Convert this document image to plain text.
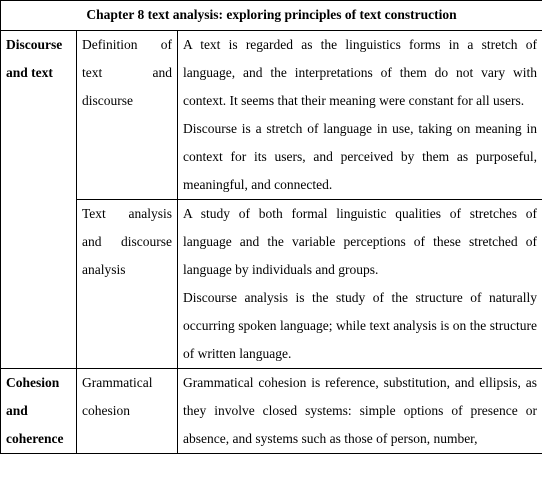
Chapter 8 text analysis: exploring principles of text construction		
Discourse and text	Definition of text and discourse	A text is regarded as the linguistics forms in a stretch of language, and the interpretations of them do not vary with context. It seems that their meaning were constant for all users.

Discourse is a stretch of language in use, taking on meaning in context for its users, and perceived by them as purposeful, meaningful, and connected.

	Text analysis and discourse analysis	A study of both formal linguistic qualities of stretches of language and the variable perceptions of these stretched of language by individuals and groups.

Discourse analysis is the study of the structure of naturally occurring spoken language; while text analysis is on the structure of written language.

Cohesion and coherence	Grammatical cohesion	Grammatical cohesion is reference, substitution, and ellipsis, as they involve closed systems: simple options of presence or absence, and systems such as those of person, number,
